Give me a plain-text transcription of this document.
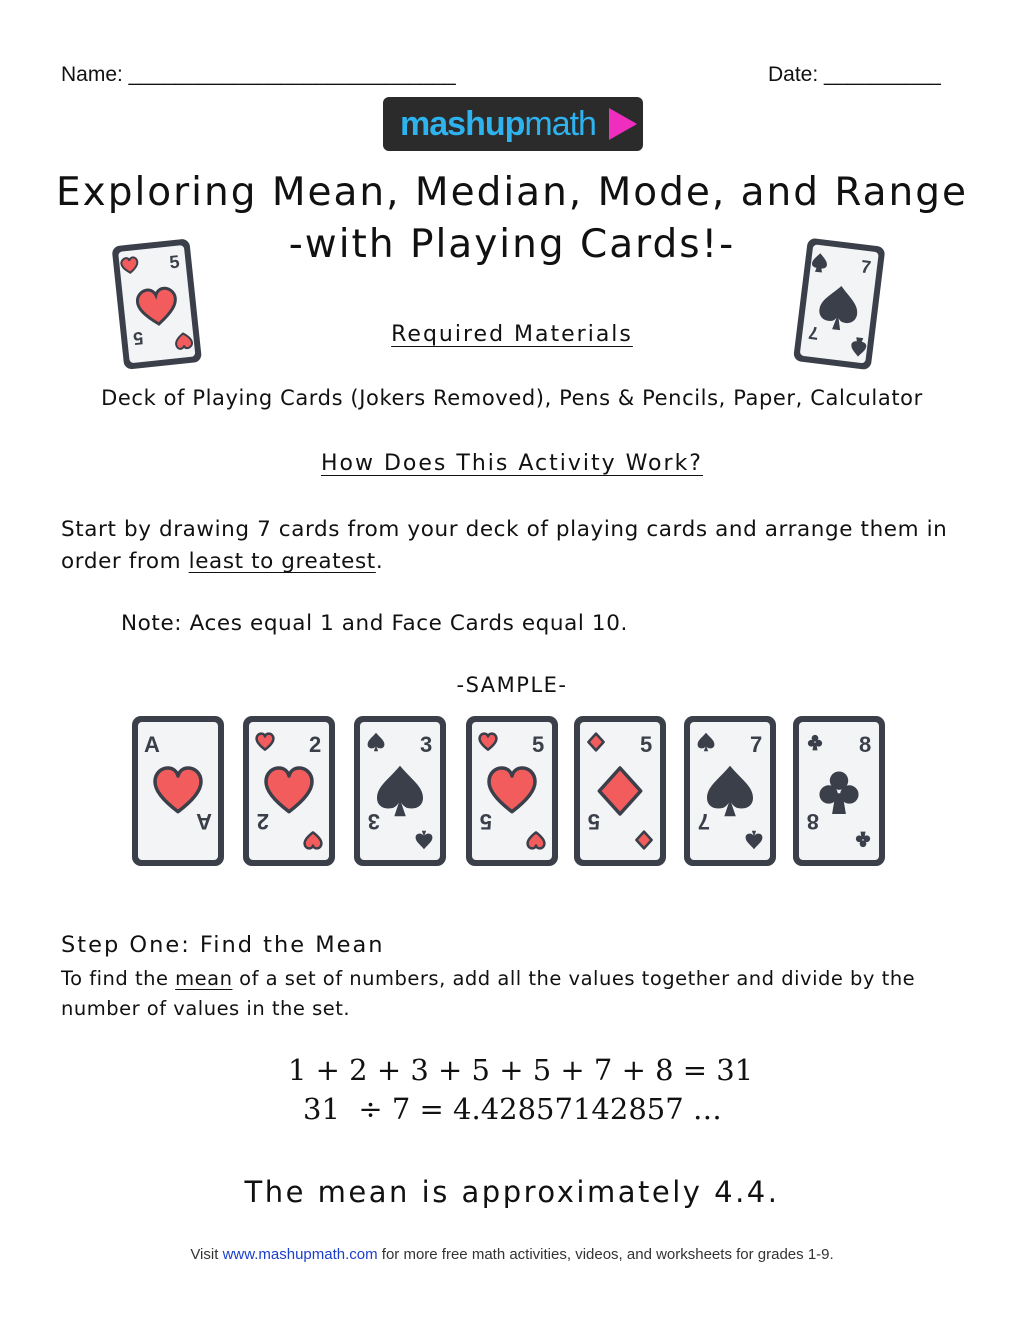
Name: ____________________________	Date: __________
mashup math
Exploring Mean, Median, Mode, and Range
-with Playing Cards!-
5
5
7
7
Required Materials
Deck of Playing Cards (Jokers Removed), Pens & Pencils, Paper, Calculator
How Does This Activity Work?
Start by drawing 7 cards from your deck of playing cards and arrange them in order from least to greatest.
Note: Aces equal 1 and Face Cards equal 10.
-SAMPLE-
A
A
2
2
3
3
5
5
5
5
7
7
8
8
Step One: Find the Mean
To find the mean of a set of numbers, add all the values together and divide by the number of values in the set.
1 + 2 + 3 + 5 + 5 + 7 + 8 = 31
31  ÷ 7 = 4.42857142857 …
The mean is approximately 4.4.
Visit www.mashupmath.com for more free math activities, videos, and worksheets for grades 1-9.
